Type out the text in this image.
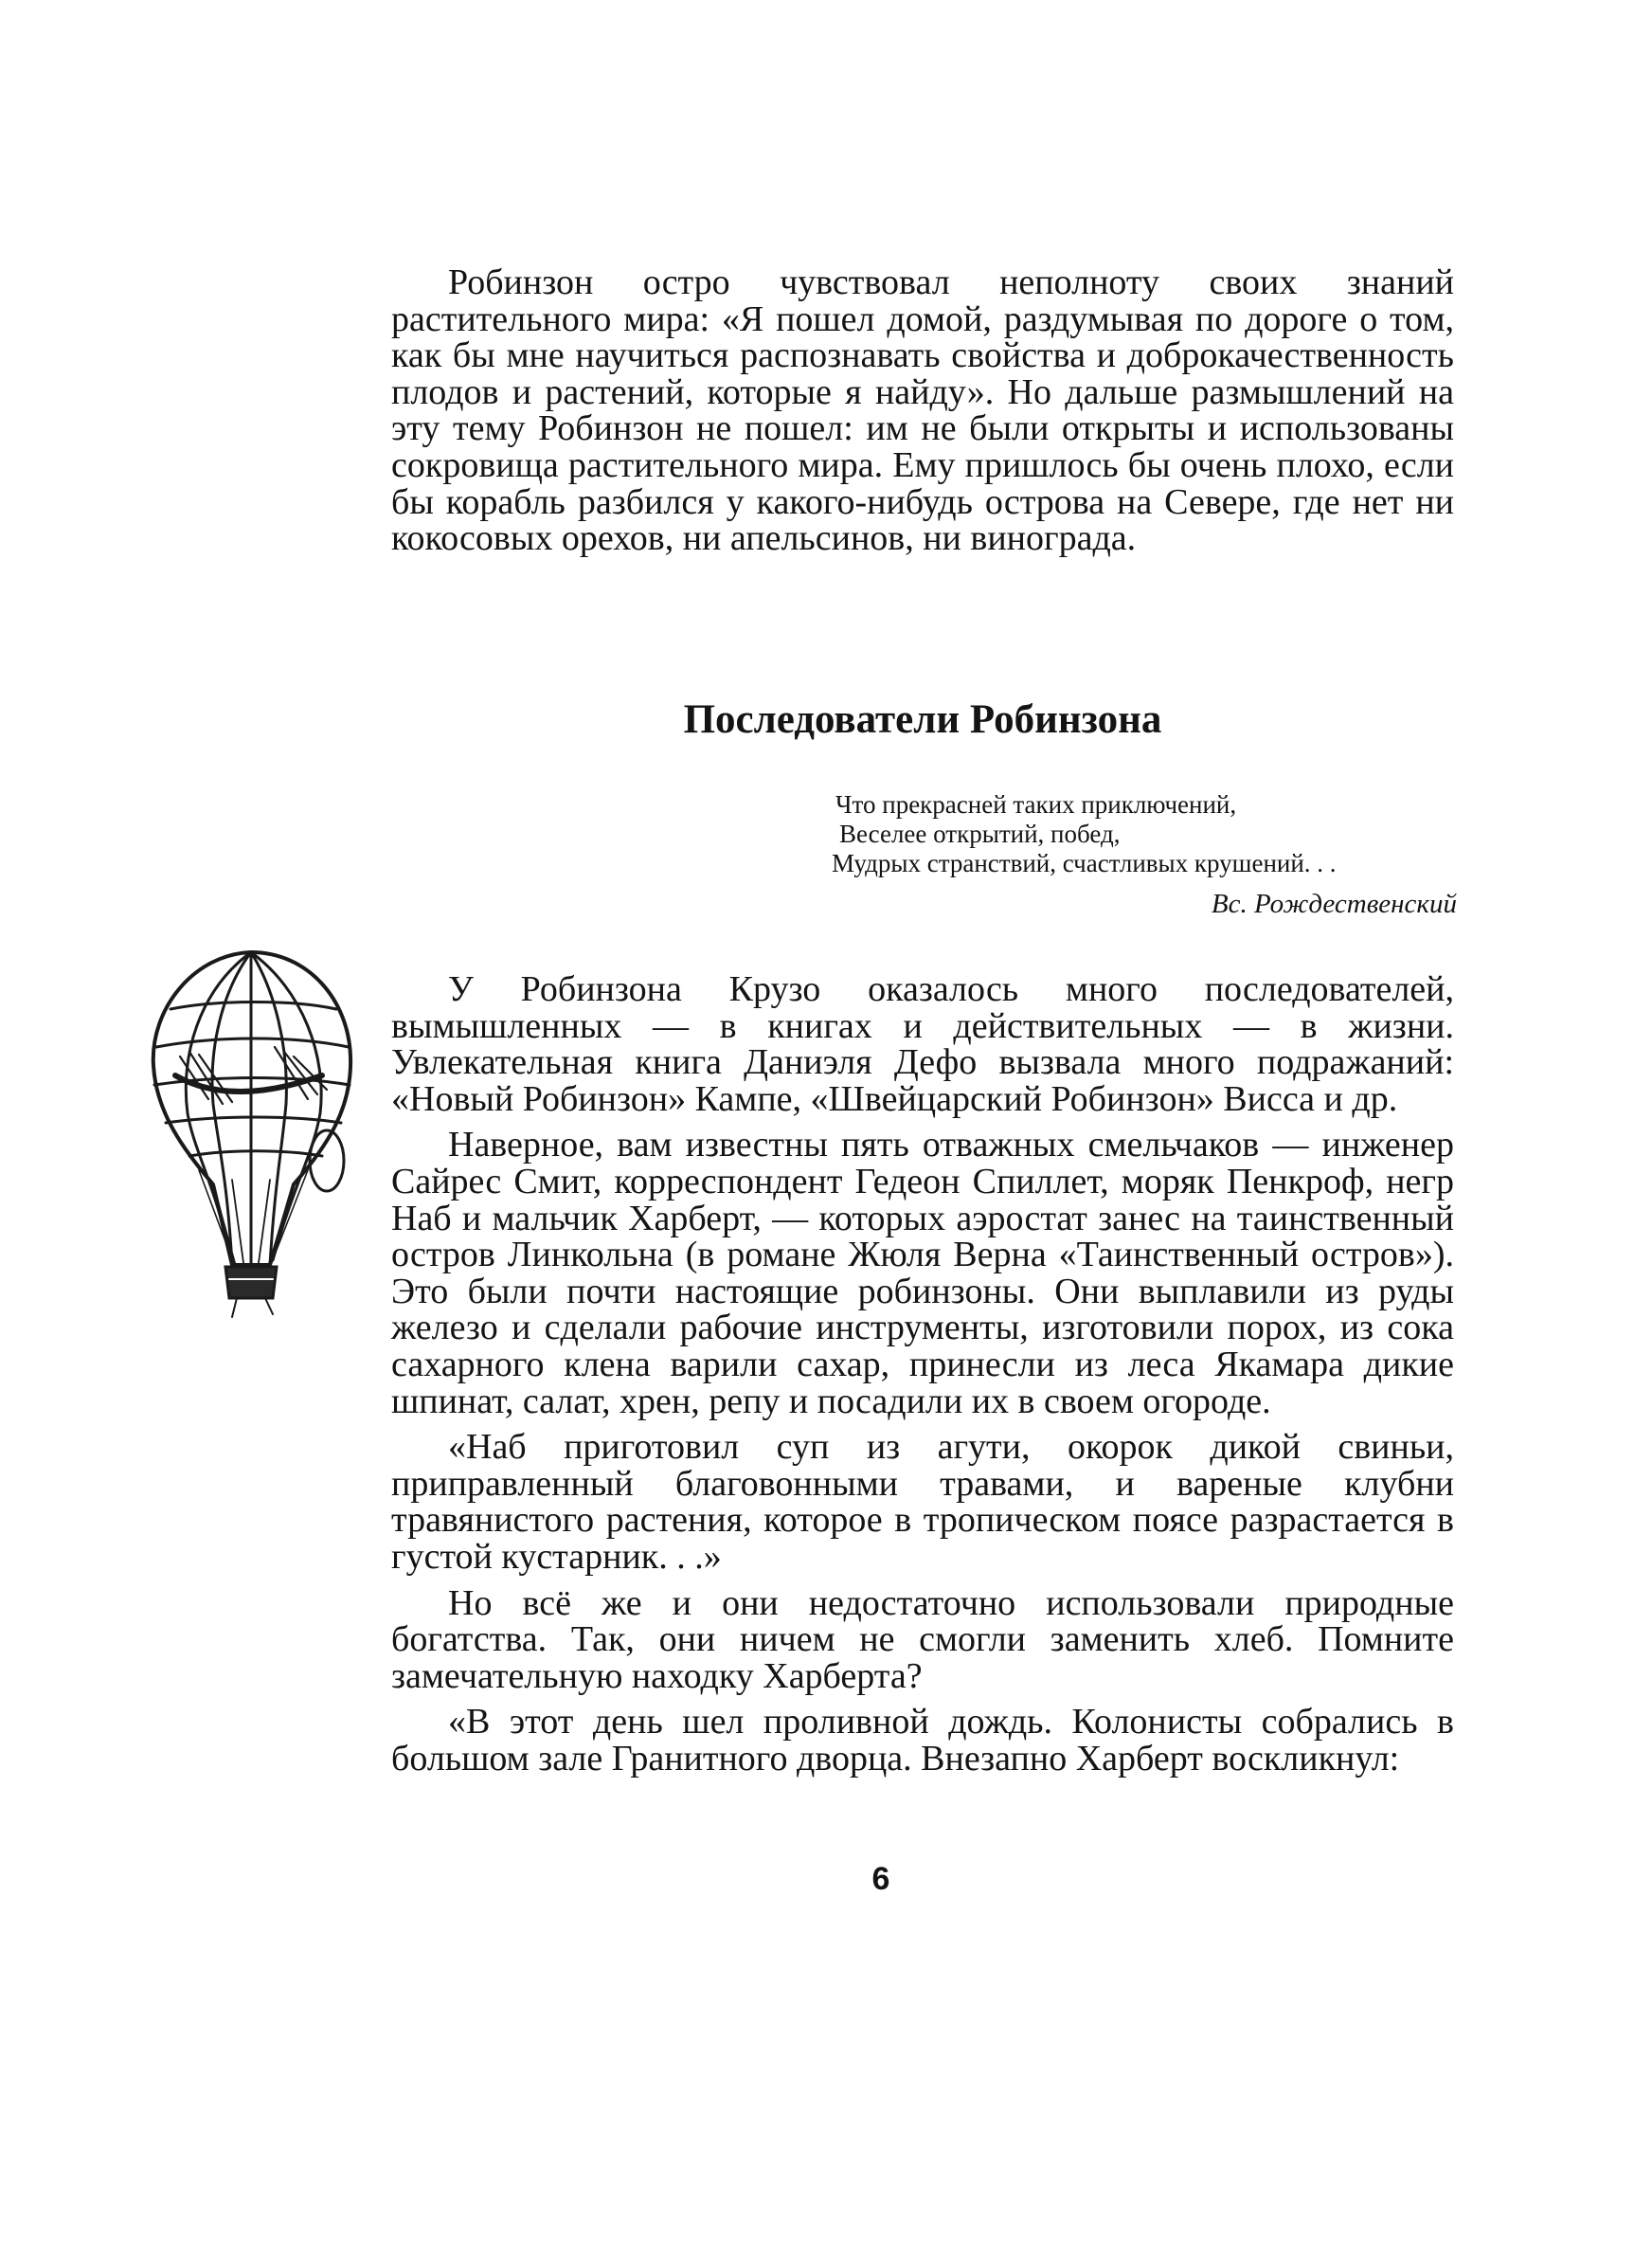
Робинзон остро чувствовал неполноту своих знаний растительного мира: «Я пошел домой, раздумывая по дороге о том, как бы мне научиться распознавать свойства и доброкачественность плодов и растений, которые я найду». Но дальше размышлений на эту тему Робинзон не пошел: им не были открыты и использованы сокровища растительного мира. Ему пришлось бы очень плохо, если бы корабль разбился у какого-нибудь острова на Севере, где нет ни кокосовых орехов, ни апельсинов, ни винограда.

Последователи Робинзона
Что прекрасней таких приключений,
Веселее открытий, побед,
Мудрых странствий, счастливых крушений. . .
Вс. Рождественский

У Робинзона Крузо оказалось много последователей, вымышленных — в книгах и действительных — в жизни. Увлекательная книга Даниэля Дефо вызвала много подражаний: «Новый Робинзон» Кампе, «Швейцарский Робинзон» Висса и др.

Наверное, вам известны пять отважных смельчаков — инженер Сайрес Смит, корреспондент Гедеон Спиллет, моряк Пенкроф, негр Наб и мальчик Харберт, — которых аэростат занес на таинственный остров Линкольна (в романе Жюля Верна «Таинственный остров»). Это были почти настоящие робинзоны. Они выплавили из руды железо и сделали рабочие инструменты, изготовили порох, из сока сахарного клена варили сахар, принесли из леса Якамара дикие шпинат, салат, хрен, репу и посадили их в своем огороде.

«Наб приготовил суп из агути, окорок дикой свиньи, приправленный благовонными травами, и вареные клубни травянистого растения, которое в тропическом поясе разрастается в густой кустарник. . .»

Но всё же и они недостаточно использовали природные богатства. Так, они ничем не смогли заменить хлеб. Помните замечательную находку Харберта?

«В этот день шел проливной дождь. Колонисты собрались в большом зале Гранитного дворца. Внезапно Харберт воскликнул:

6
